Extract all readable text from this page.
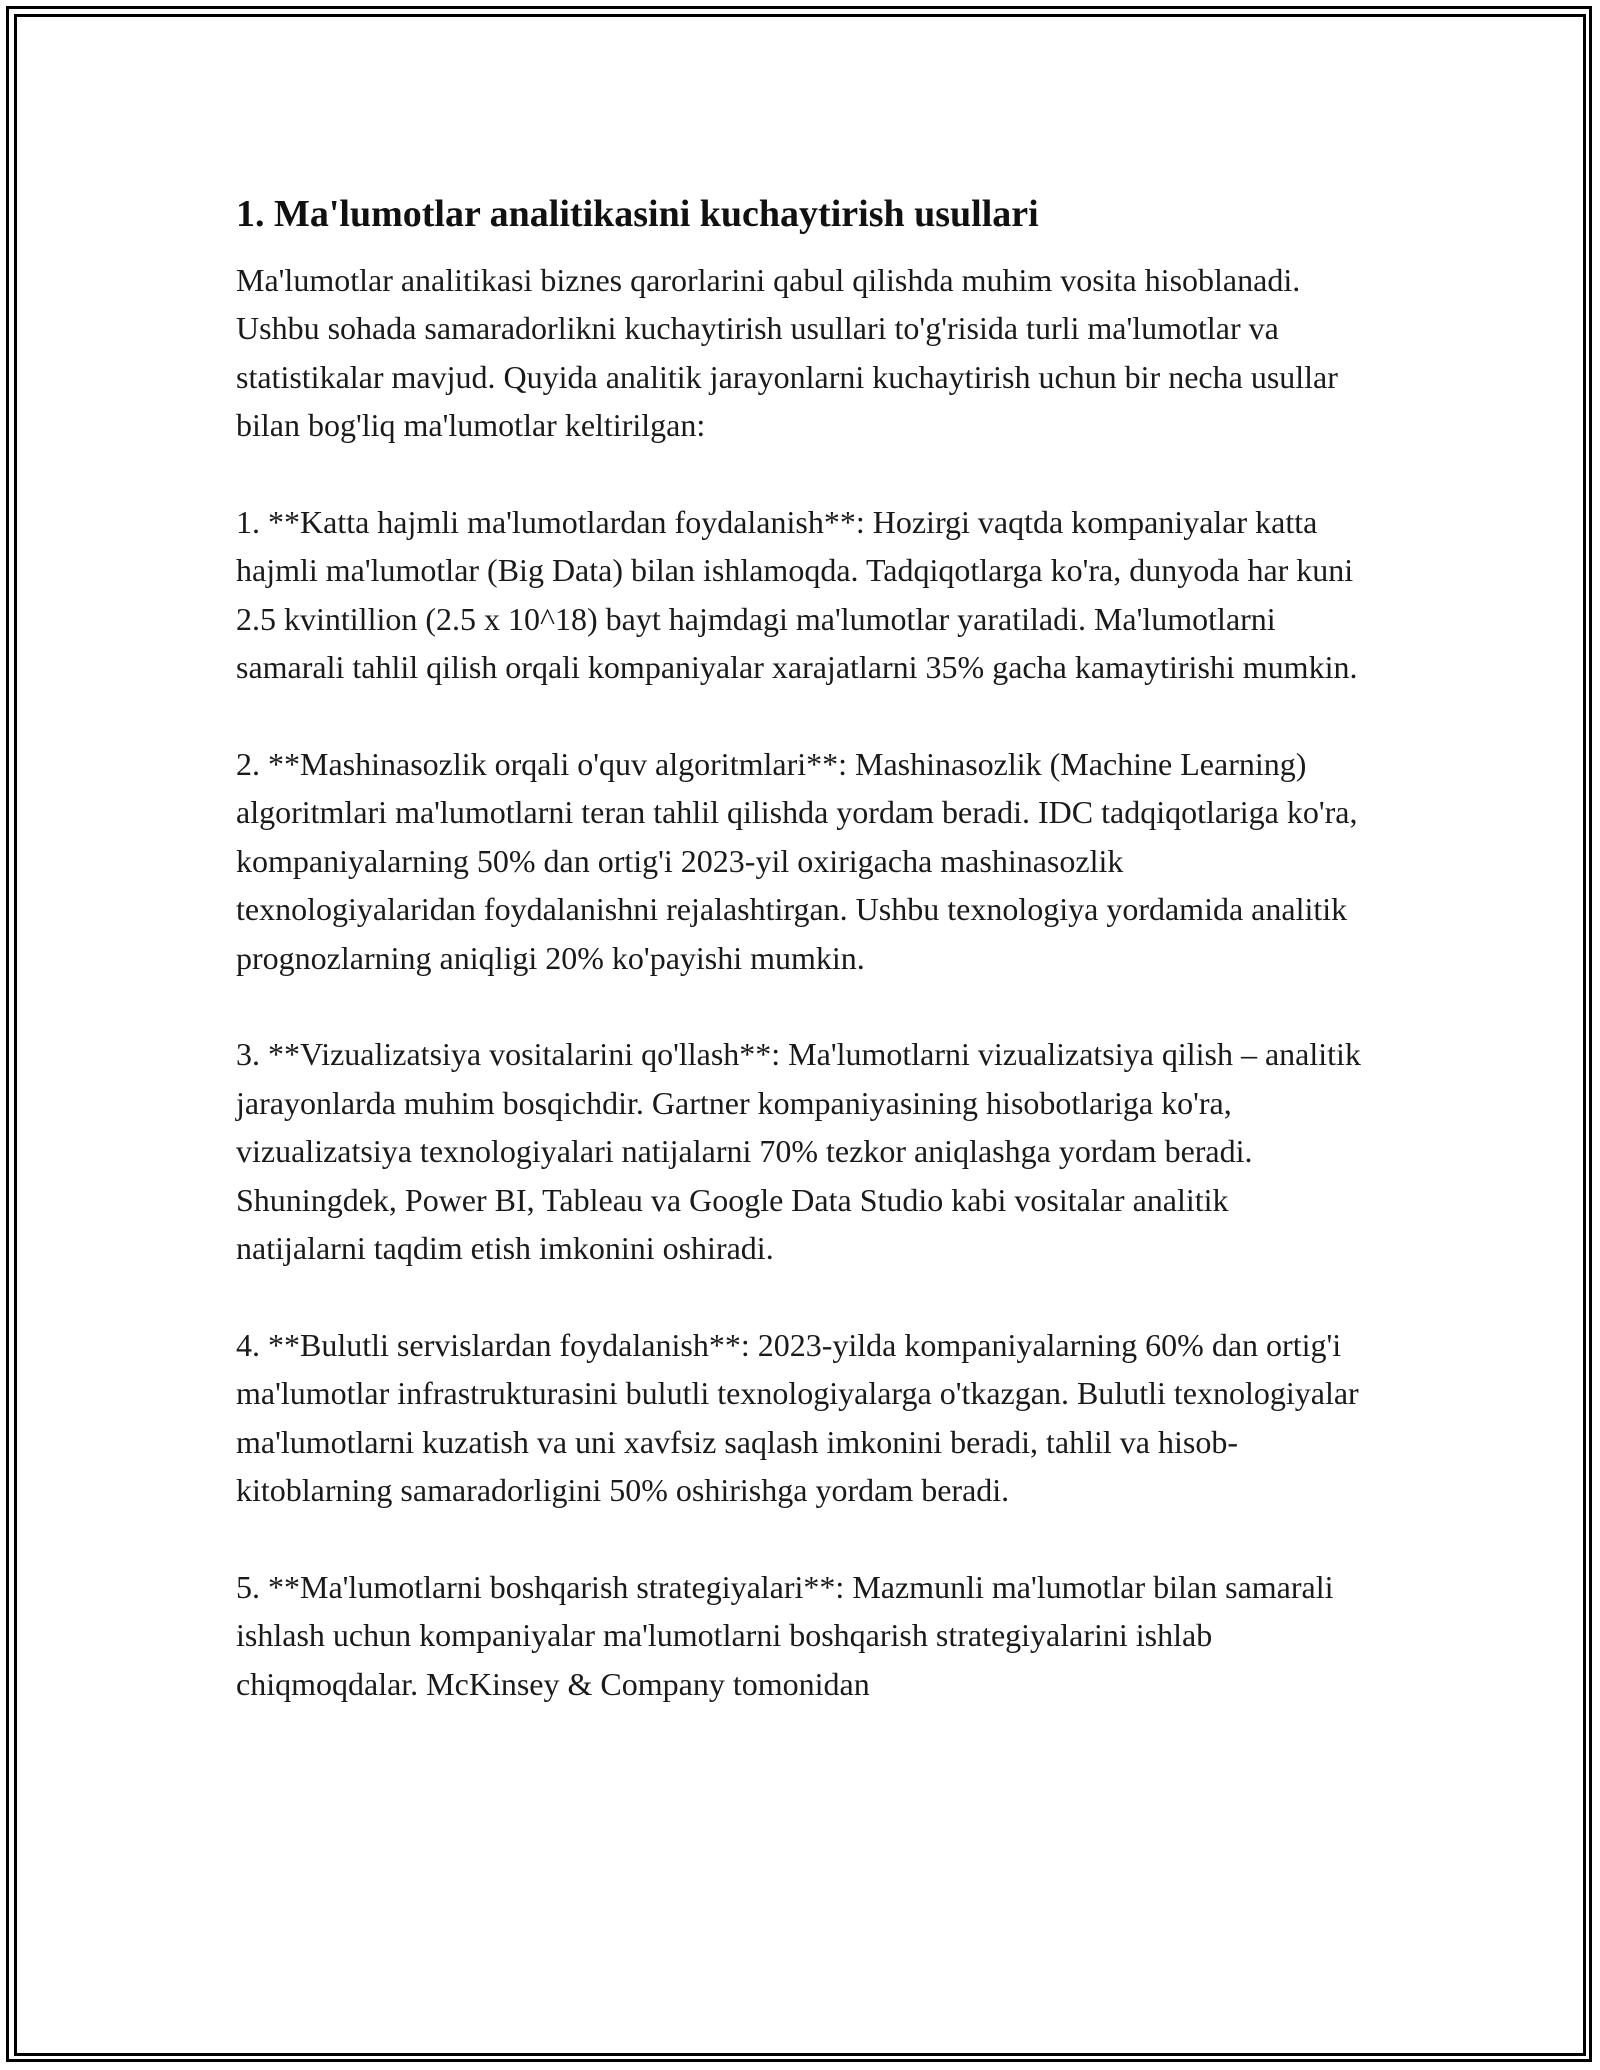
1. Ma'lumotlar analitikasini kuchaytirish usullari

Ma'lumotlar analitikasi biznes qarorlarini qabul qilishda muhim vosita hisoblanadi. Ushbu sohada samaradorlikni kuchaytirish usullari to'g'risida turli ma'lumotlar va statistikalar mavjud. Quyida analitik jarayonlarni kuchaytirish uchun bir necha usullar bilan bog'liq ma'lumotlar keltirilgan:

1. **Katta hajmli ma'lumotlardan foydalanish**: Hozirgi vaqtda kompaniyalar katta hajmli ma'lumotlar (Big Data) bilan ishlamoqda. Tadqiqotlarga ko'ra, dunyoda har kuni 2.5 kvintillion (2.5 x 10^18) bayt hajmdagi ma'lumotlar yaratiladi. Ma'lumotlarni samarali tahlil qilish orqali kompaniyalar xarajatlarni 35% gacha kamaytirishi mumkin.

2. **Mashinasozlik orqali o'quv algoritmlari**: Mashinasozlik (Machine Learning) algoritmlari ma'lumotlarni teran tahlil qilishda yordam beradi. IDC tadqiqotlariga ko'ra, kompaniyalarning 50% dan ortig'i 2023-yil oxirigacha mashinasozlik texnologiyalaridan foydalanishni rejalashtirgan. Ushbu texnologiya yordamida analitik prognozlarning aniqligi 20% ko'payishi mumkin.

3. **Vizualizatsiya vositalarini qo'llash**: Ma'lumotlarni vizualizatsiya qilish – analitik jarayonlarda muhim bosqichdir. Gartner kompaniyasining hisobotlariga ko'ra, vizualizatsiya texnologiyalari natijalarni 70% tezkor aniqlashga yordam beradi. Shuningdek, Power BI, Tableau va Google Data Studio kabi vositalar analitik natijalarni taqdim etish imkonini oshiradi.

4. **Bulutli servislardan foydalanish**: 2023-yilda kompaniyalarning 60% dan ortig'i ma'lumotlar infrastrukturasini bulutli texnologiyalarga o'tkazgan. Bulutli texnologiyalar ma'lumotlarni kuzatish va uni xavfsiz saqlash imkonini beradi, tahlil va hisob-kitoblarning samaradorligini 50% oshirishga yordam beradi.

5. **Ma'lumotlarni boshqarish strategiyalari**: Mazmunli ma'lumotlar bilan samarali ishlash uchun kompaniyalar ma'lumotlarni boshqarish strategiyalarini ishlab chiqmoqdalar. McKinsey & Company tomonidan
